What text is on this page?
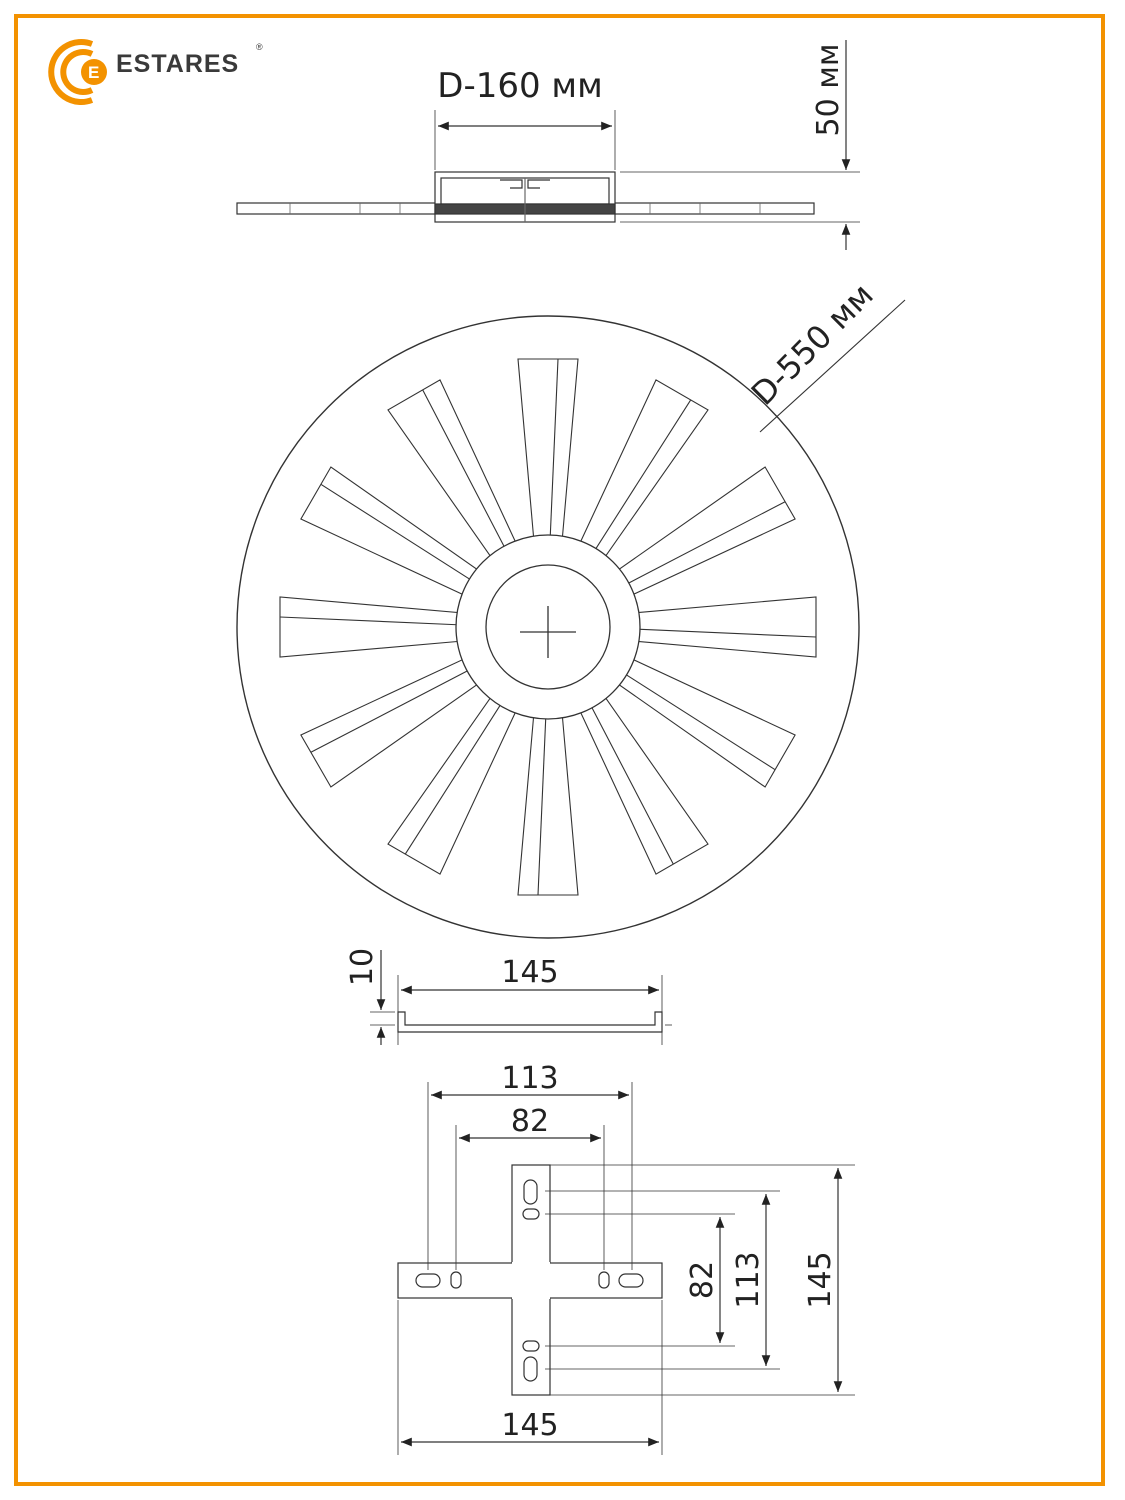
E ESTARES
®
D-160 мм	50 мм
D-550 мм
145
10
113
82
82 113 145
145
